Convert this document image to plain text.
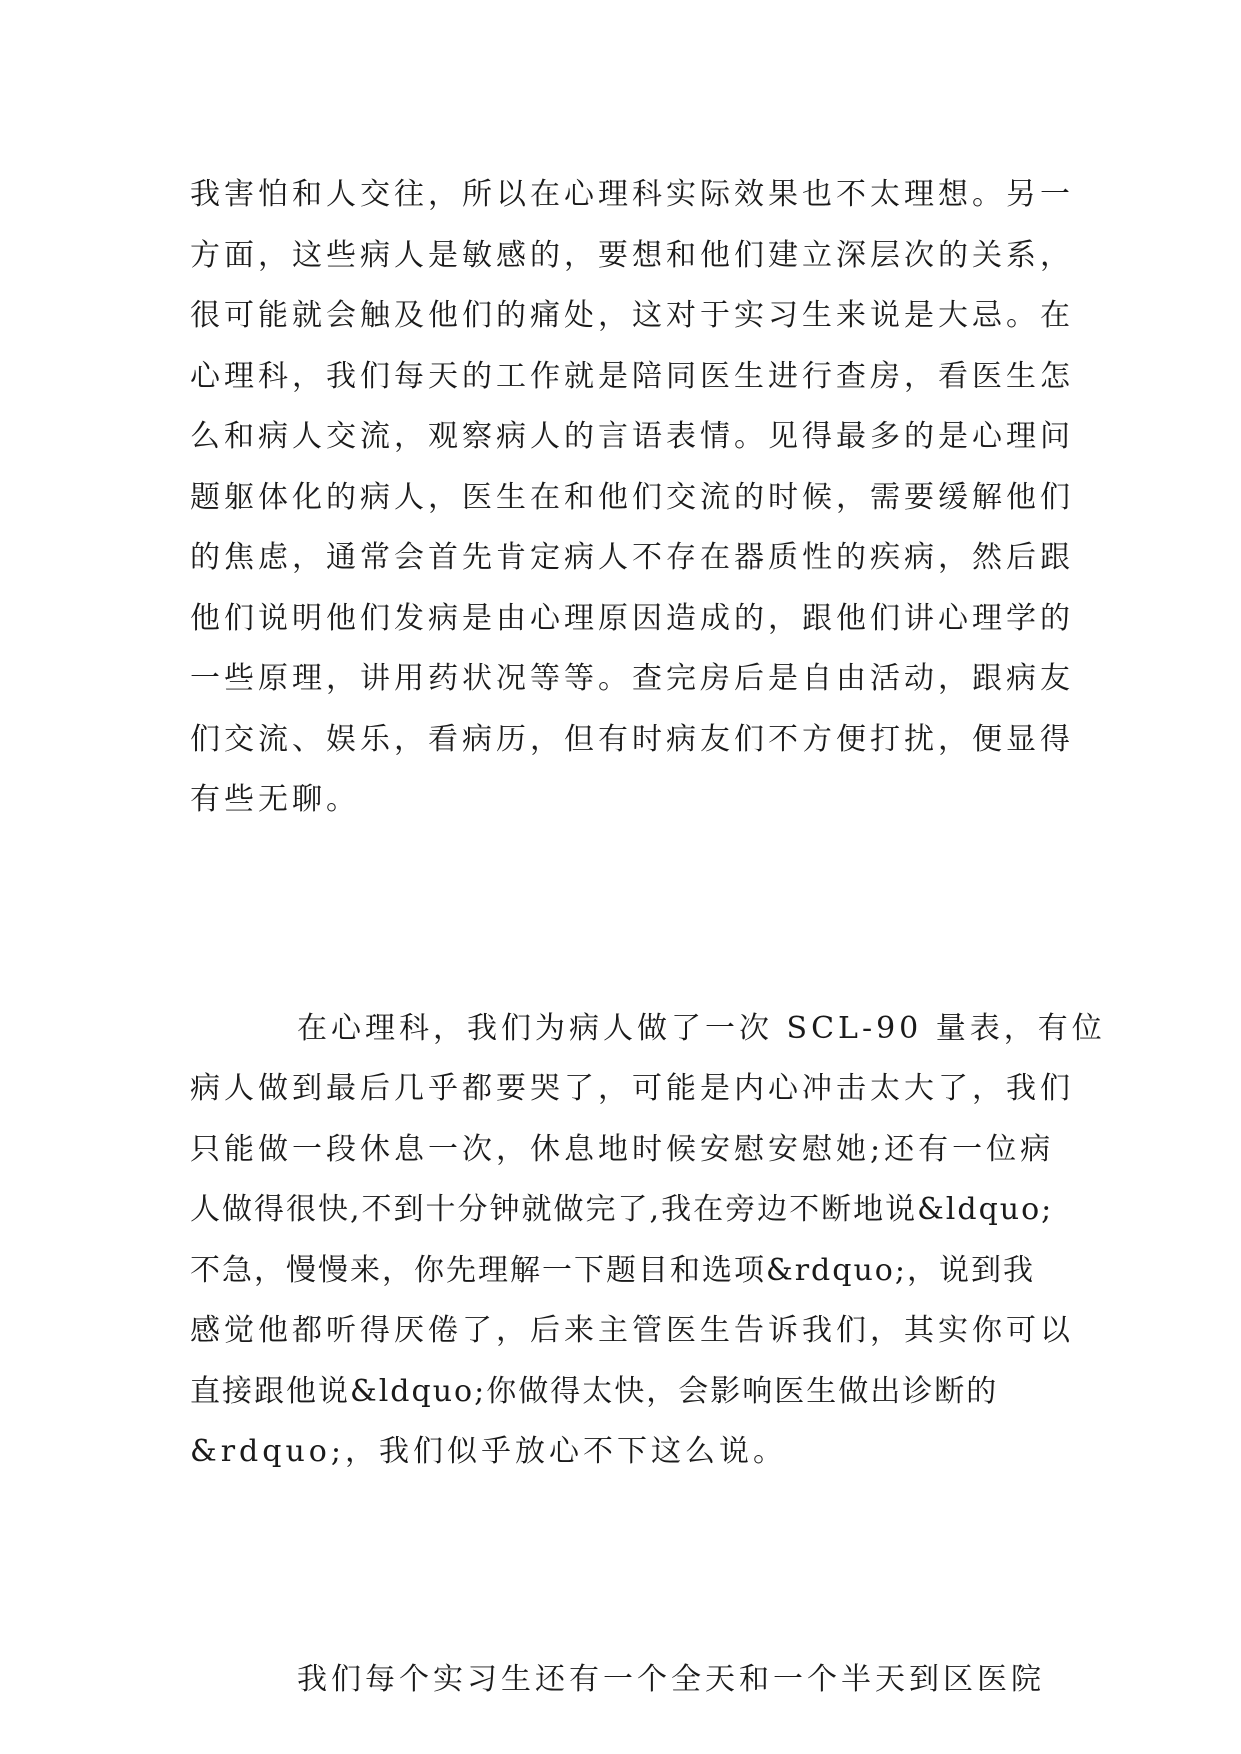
我害怕和人交往，所以在心理科实际效果也不太理想。另一
方面，这些病人是敏感的，要想和他们建立深层次的关系，
很可能就会触及他们的痛处，这对于实习生来说是大忌。在
心理科，我们每天的工作就是陪同医生进行查房，看医生怎
么和病人交流，观察病人的言语表情。见得最多的是心理问
题躯体化的病人，医生在和他们交流的时候，需要缓解他们
的焦虑，通常会首先肯定病人不存在器质性的疾病，然后跟
他们说明他们发病是由心理原因造成的，跟他们讲心理学的
一些原理，讲用药状况等等。查完房后是自由活动，跟病友
们交流、娱乐，看病历，但有时病友们不方便打扰，便显得
有些无聊。
在心理科，我们为病人做了一次 SCL-90 量表，有位
病人做到最后几乎都要哭了，可能是内心冲击太大了，我们
只能做一段休息一次，休息地时候安慰安慰她;还有一位病
人做得很快,不到十分钟就做完了,我在旁边不断地说&ldquo;
不急，慢慢来，你先理解一下题目和选项&rdquo;，说到我
感觉他都听得厌倦了，后来主管医生告诉我们，其实你可以
直接跟他说&ldquo;你做得太快，会影响医生做出诊断的
&rdquo;，我们似乎放心不下这么说。
我们每个实习生还有一个全天和一个半天到区医院
